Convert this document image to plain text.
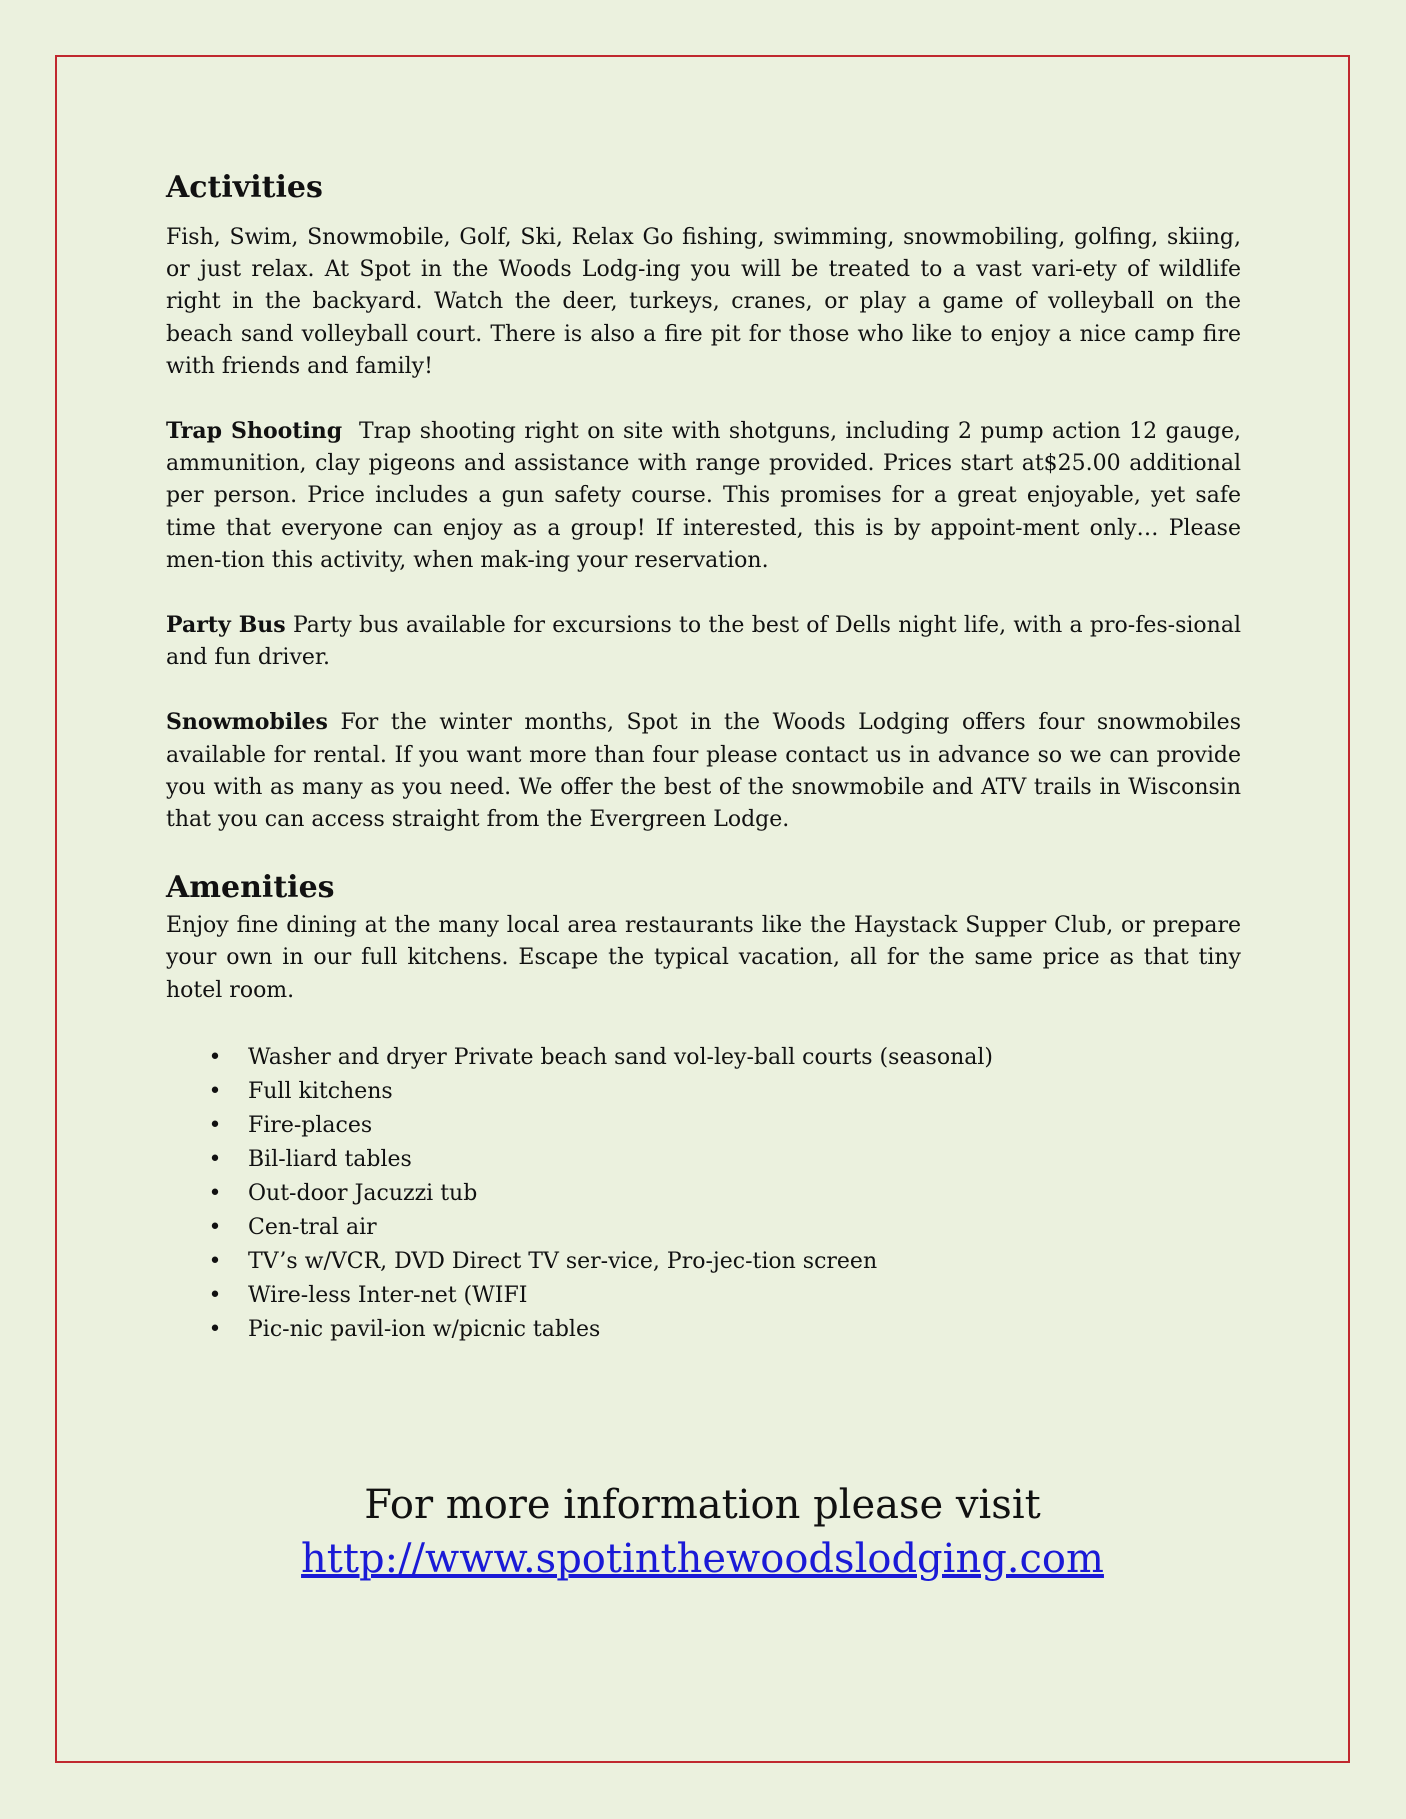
Activities

Fish, Swim, Snowmobile, Golf, Ski, Relax Go fishing, swimming, snowmobiling, golfing, skiing, or just relax. At Spot in the Woods Lodg-ing you will be treated to a vast vari-ety of wildlife right in the backyard. Watch the deer, turkeys, cranes, or play a game of volleyball on the beach sand volleyball court. There is also a fire pit for those who like to enjoy a nice camp fire with friends and family!

Trap Shooting  Trap shooting right on site with shotguns, including 2 pump action 12 gauge, ammunition, clay pigeons and assistance with range provided. Prices start at$25.00 additional per person. Price includes a gun safety course. This promises for a great enjoyable, yet safe time that everyone can enjoy as a group! If interested, this is by appoint-ment only… Please men-tion this activity, when mak-ing your reservation.

Party Bus Party bus available for excursions to the best of Dells night life, with a pro-fes-sional and fun driver.

Snowmobiles For the winter months, Spot in the Woods Lodging offers four snowmobiles available for rental. If you want more than four please contact us in advance so we can provide you with as many as you need. We offer the best of the snowmobile and ATV trails in Wisconsin that you can access straight from the Evergreen Lodge.

Amenities

Enjoy fine dining at the many local area restaurants like the Haystack Supper Club, or prepare your own in our full kitchens. Escape the typical vacation, all for the same price as that tiny hotel room.

• Washer and dryer Private beach sand vol-ley-ball courts (seasonal)
• Full kitchens
• Fire-places
• Bil-liard tables
• Out-door Jacuzzi tub
• Cen-tral air
• TV’s w/VCR, DVD Direct TV ser-vice, Pro-jec-tion screen
• Wire-less Inter-net (WIFI
• Pic-nic pavil-ion w/picnic tables
For more information please visit
http://www.spotinthewoodslodging.com
